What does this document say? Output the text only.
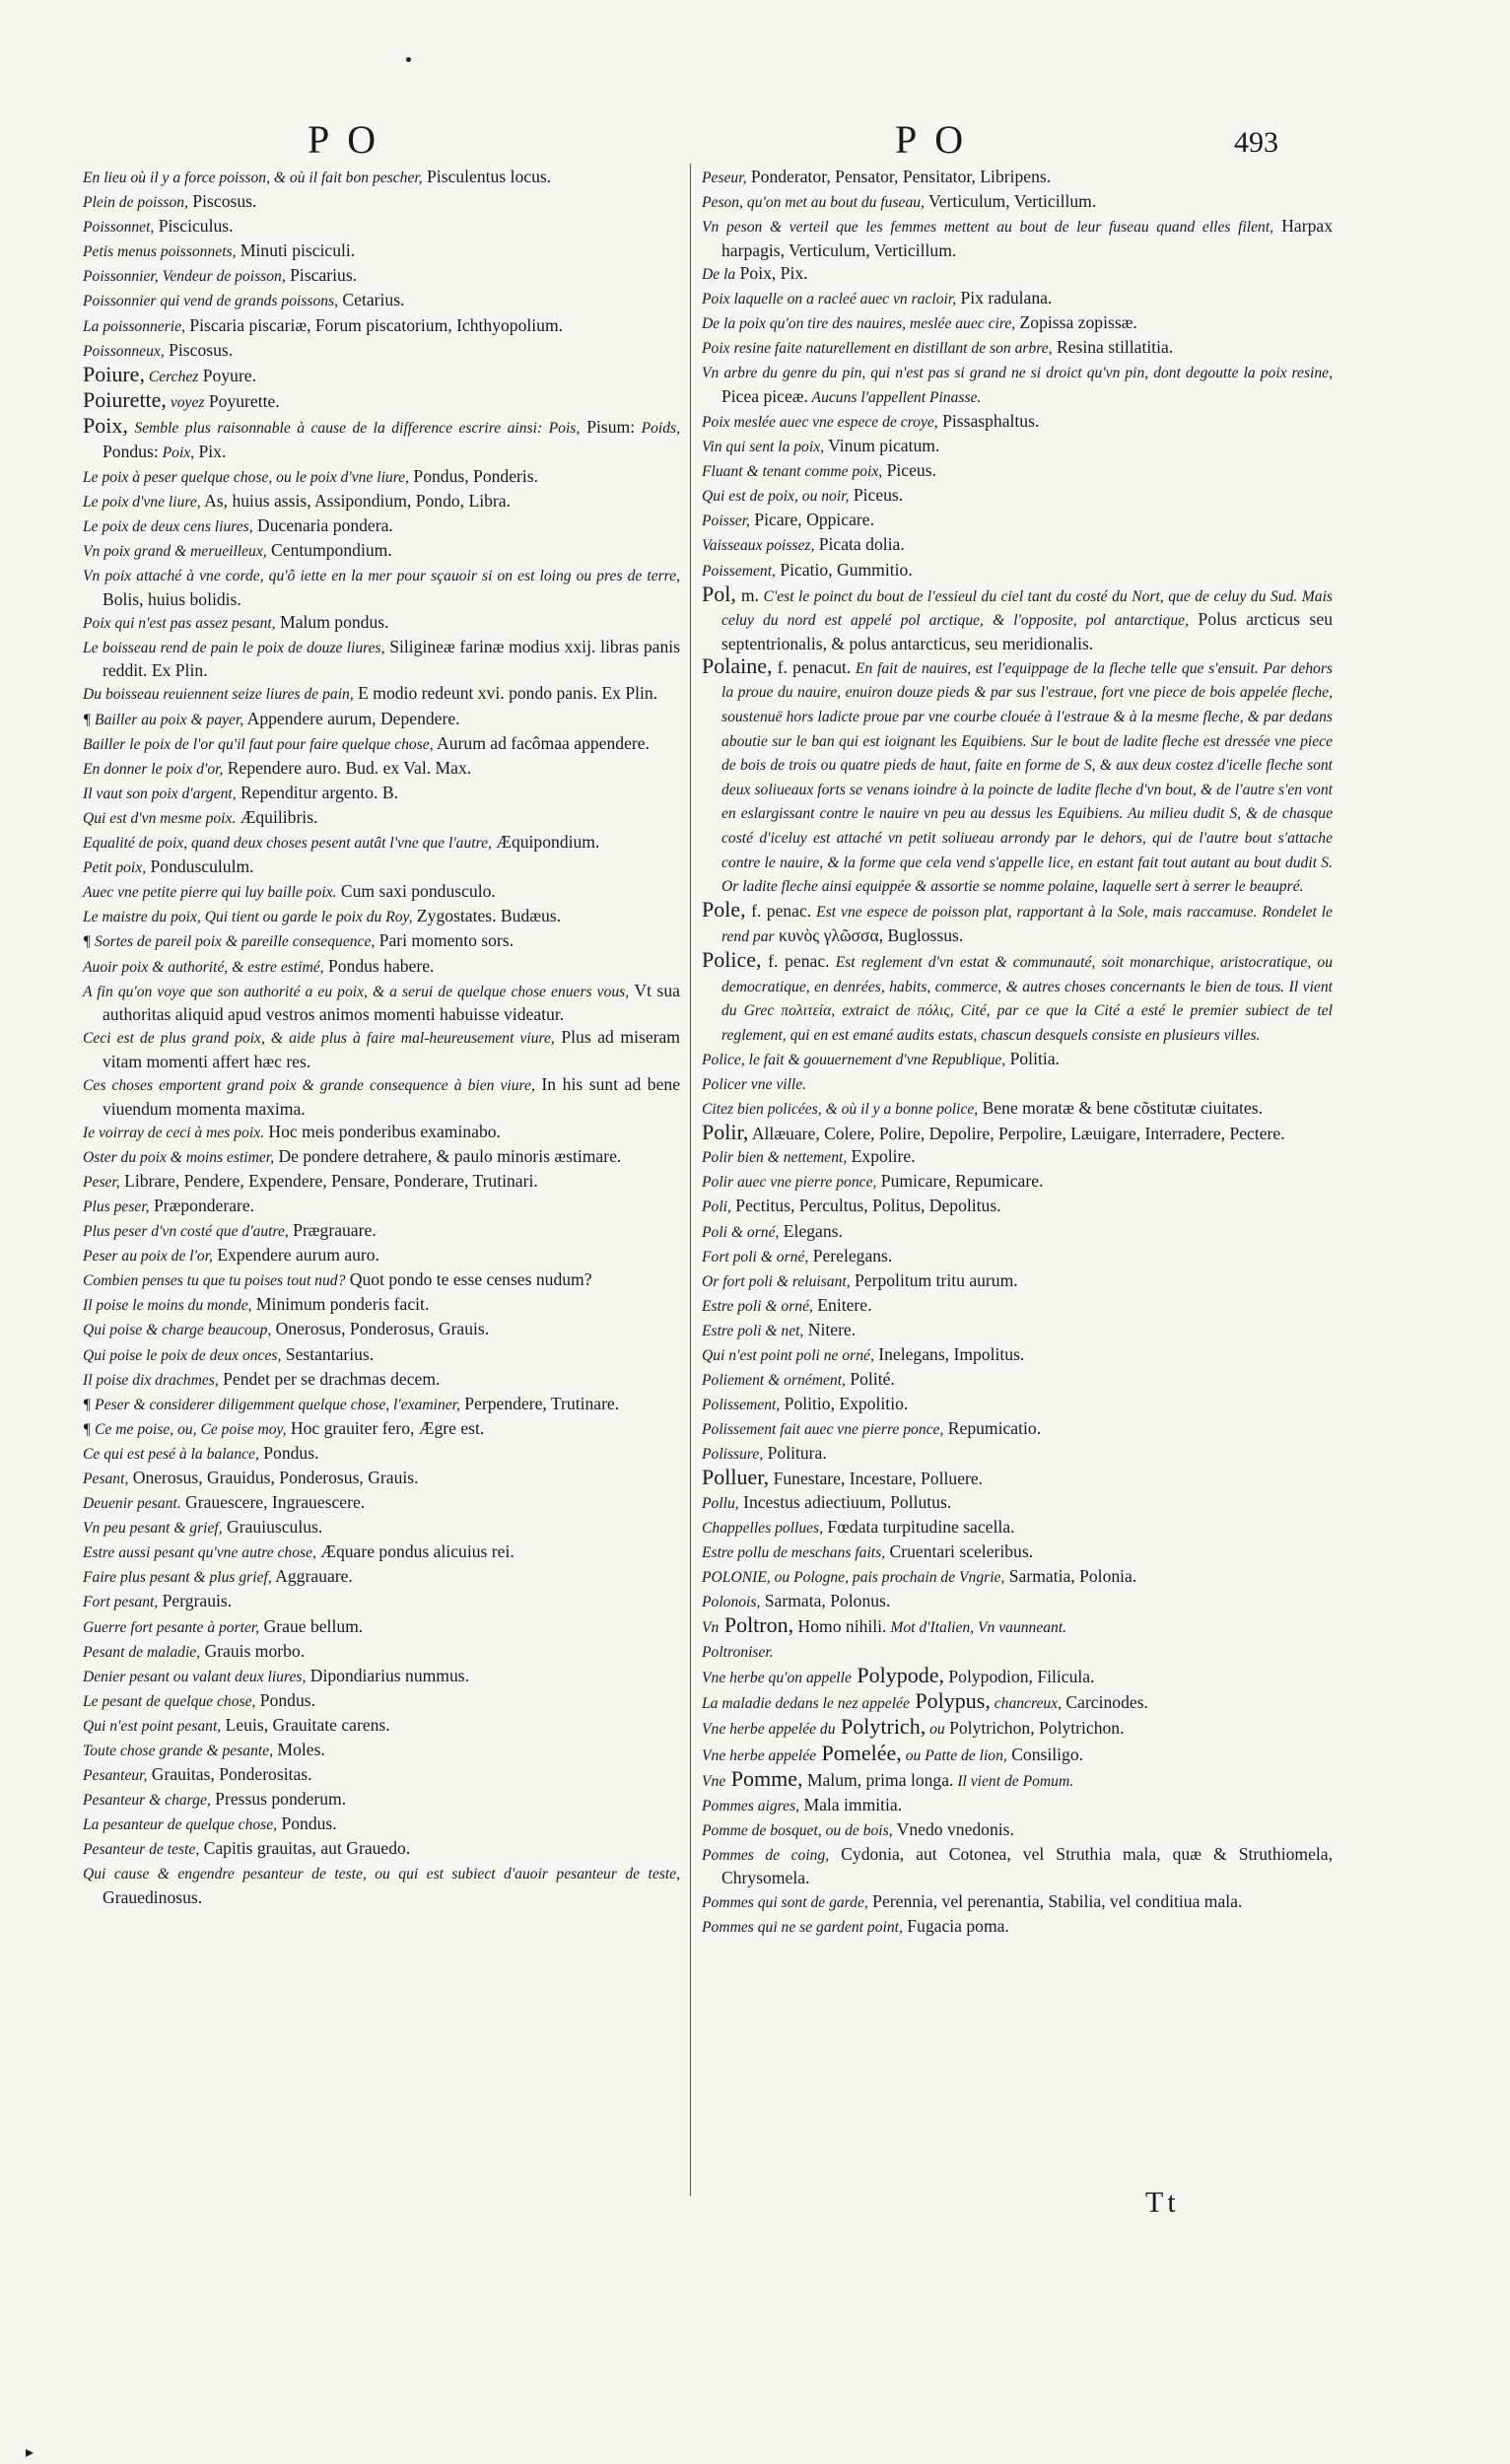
PO	PO	493
En lieu où il y a force poisson, & où il fait bon pescher, Pisculentus locus.
Plein de poisson, Piscosus.
Poissonnet, Pisciculus.
Petis menus poissonnets, Minuti pisciculi.
Poissonnier, Vendeur de poisson, Piscarius.
Poissonnier qui vend de grands poissons, Cetarius.
La poissonnerie, Piscaria piscariæ, Forum piscatorium, Ichthyopolium.
Poissonneux, Piscosus.
Poiure, Cerchez Poyure.
Poiurette, voyez Poyurette.
Poix, Semble plus raisonnable à cause de la difference escrire ainsi: Pois, Pisum: Poids, Pondus: Poix, Pix.
Le poix à peser quelque chose, ou le poix d'vne liure, Pondus, Ponderis.
Le poix d'vne liure, As, huius assis, Assipondium, Pondo, Libra.
Le poix de deux cens liures, Ducenaria pondera.
Vn poix grand & merueilleux, Centumpondium.
Vn poix attaché à vne corde, qu'ô iette en la mer pour sçauoir si on est loing ou pres de terre, Bolis, huius bolidis.
Poix qui n'est pas assez pesant, Malum pondus.
Le boisseau rend de pain le poix de douze liures, Siligineæ farinæ modius xxij. libras panis reddit. Ex Plin.
Du boisseau reuiennent seize liures de pain, E modio redeunt xvi. pondo panis. Ex Plin.
¶ Bailler au poix & payer, Appendere aurum, Dependere.
Bailler le poix de l'or qu'il faut pour faire quelque chose, Aurum ad facômaa appendere.
En donner le poix d'or, Rependere auro. Bud. ex Val. Max.
Il vaut son poix d'argent, Rependitur argento. B.
Qui est d'vn mesme poix. Æquilibris.
Equalité de poix, quand deux choses pesent autât l'vne que l'autre, Æquipondium.
Petit poix, Ponduscululm.
Auec vne petite pierre qui luy baille poix. Cum saxi pondusculo.
Le maistre du poix, Qui tient ou garde le poix du Roy, Zygostates. Budæus.
¶ Sortes de pareil poix & pareille consequence, Pari momento sors.
Auoir poix & authorité, & estre estimé, Pondus habere.
A fin qu'on voye que son authorité a eu poix, & a serui de quelque chose enuers vous, Vt sua authoritas aliquid apud vestros animos momenti habuisse videatur.
Ceci est de plus grand poix, & aide plus à faire mal-heureusement viure, Plus ad miseram vitam momenti affert hæc res.
Ces choses emportent grand poix & grande consequence à bien viure, In his sunt ad bene viuendum momenta maxima.
Ie voirray de ceci à mes poix. Hoc meis ponderibus examinabo.
Oster du poix & moins estimer, De pondere detrahere, & paulo minoris æstimare.
Peser, Librare, Pendere, Expendere, Pensare, Ponderare, Trutinari.
Plus peser, Præponderare.
Plus peser d'vn costé que d'autre, Prægrauare.
Peser au poix de l'or, Expendere aurum auro.
Combien penses tu que tu poises tout nud? Quot pondo te esse censes nudum?
Il poise le moins du monde, Minimum ponderis facit.
Qui poise & charge beaucoup, Onerosus, Ponderosus, Grauis.
Qui poise le poix de deux onces, Sestantarius.
Il poise dix drachmes, Pendet per se drachmas decem.
¶ Peser & considerer diligemment quelque chose, l'examiner, Perpendere, Trutinare.
¶ Ce me poise, ou, Ce poise moy, Hoc grauiter fero, Ægre est.
Ce qui est pesé à la balance, Pondus.
Pesant, Onerosus, Grauidus, Ponderosus, Grauis.
Deuenir pesant. Grauescere, Ingrauescere.
Vn peu pesant & grief, Grauiusculus.
Estre aussi pesant qu'vne autre chose, Æquare pondus alicuius rei.
Faire plus pesant & plus grief, Aggrauare.
Fort pesant, Pergrauis.
Guerre fort pesante à porter, Graue bellum.
Pesant de maladie, Grauis morbo.
Denier pesant ou valant deux liures, Dipondiarius nummus.
Le pesant de quelque chose, Pondus.
Qui n'est point pesant, Leuis, Grauitate carens.
Toute chose grande & pesante, Moles.
Pesanteur, Grauitas, Ponderositas.
Pesanteur & charge, Pressus ponderum.
La pesanteur de quelque chose, Pondus.
Pesanteur de teste, Capitis grauitas, aut Grauedo.
Qui cause & engendre pesanteur de teste, ou qui est subiect d'auoir pesanteur de teste, Grauedinosus.
Peseur, Ponderator, Pensator, Pensitator, Libripens.
Peson, qu'on met au bout du fuseau, Verticulum, Verticillum.
Vn peson & verteil que les femmes mettent au bout de leur fuseau quand elles filent, Harpax harpagis, Verticulum, Verticillum.
De la Poix, Pix.
Poix laquelle on a racleé auec vn racloir, Pix radulana.
De la poix qu'on tire des nauires, meslée auec cire, Zopissa zopissæ.
Poix resine faite naturellement en distillant de son arbre, Resina stillatitia.
Vn arbre du genre du pin, qui n'est pas si grand ne si droict qu'vn pin, dont degoutte la poix resine, Picea piceæ. Aucuns l'appellent Pinasse.
Poix meslée auec vne espece de croye, Pissasphaltus.
Vin qui sent la poix, Vinum picatum.
Fluant & tenant comme poix, Piceus.
Qui est de poix, ou noir, Piceus.
Poisser, Picare, Oppicare.
Vaisseaux poissez, Picata dolia.
Poissement, Picatio, Gummitio.
Pol, m. C'est le poinct du bout de l'essieul du ciel tant du costé du Nort, que de celuy du Sud. Mais celuy du nord est appelé pol arctique, & l'opposite, pol antarctique, Polus arcticus seu septentrionalis, & polus antarcticus, seu meridionalis.
Polaine, f. penacut. En fait de nauires, est l'equippage de la fleche telle que s'ensuit. Par dehors la proue du nauire, enuiron douze pieds & par sus l'estraue, fort vne piece de bois appelée fleche, soustenuë hors ladicte proue par vne courbe clouée à l'estraue & à la mesme fleche, & par dedans aboutie sur le ban qui est ioignant les Equibiens. Sur le bout de ladite fleche est dressée vne piece de bois de trois ou quatre pieds de haut, faite en forme de S, & aux deux costez d'icelle fleche sont deux soliueaux forts se venans ioindre à la poincte de ladite fleche d'vn bout, & de l'autre s'en vont en eslargissant contre le nauire vn peu au dessus les Equibiens. Au milieu dudit S, & de chasque costé d'iceluy est attaché vn petit soliueau arrondy par le dehors, qui de l'autre bout s'attache contre le nauire, & la forme que cela vend s'appelle lice, en estant fait tout autant au bout dudit S. Or ladite fleche ainsi equippée & assortie se nomme polaine, laquelle sert à serrer le beaupré.
Pole, f. penac. Est vne espece de poisson plat, rapportant à la Sole, mais raccamuse. Rondelet le rend par κυνὸς γλῶσσα, Buglossus.
Police, f. penac. Est reglement d'vn estat & communauté, soit monarchique, aristocratique, ou democratique, en denrées, habits, commerce, & autres choses concernants le bien de tous. Il vient du Grec πολιτεία, extraict de πόλις, Cité, par ce que la Cité a esté le premier subiect de tel reglement, qui en est emané audits estats, chascun desquels consiste en plusieurs villes.
Police, le fait & gouuernement d'vne Republique, Politia.
Policer vne ville.
Citez bien policées, & où il y a bonne police, Bene moratæ & bene cõstitutæ ciuitates.
Polir, Allæuare, Colere, Polire, Depolire, Perpolire, Læuigare, Interradere, Pectere.
Polir bien & nettement, Expolire.
Polir auec vne pierre ponce, Pumicare, Repumicare.
Poli, Pectitus, Percultus, Politus, Depolitus.
Poli & orné, Elegans.
Fort poli & orné, Perelegans.
Or fort poli & reluisant, Perpolitum tritu aurum.
Estre poli & orné, Enitere.
Estre poli & net, Nitere.
Qui n'est point poli ne orné, Inelegans, Impolitus.
Poliement & ornément, Polité.
Polissement, Politio, Expolitio.
Polissement fait auec vne pierre ponce, Repumicatio.
Polissure, Politura.
Polluer, Funestare, Incestare, Polluere.
Pollu, Incestus adiectiuum, Pollutus.
Chappelles pollues, Fœdata turpitudine sacella.
Estre pollu de meschans faits, Cruentari sceleribus.
POLONIE, ou Pologne, pais prochain de Vngrie, Sarmatia, Polonia.
Polonois, Sarmata, Polonus.
Vn Poltron, Homo nihili. Mot d'Italien, Vn vaunneant.
Poltroniser.
Vne herbe qu'on appelle Polypode, Polypodion, Filicula.
La maladie dedans le nez appelée Polypus, chancreux, Carcinodes.
Vne herbe appelée du Polytrich, ou Polytrichon, Polytrichon.
Vne herbe appelée Pomelée, ou Patte de lion, Consiligo.
Vne Pomme, Malum, prima longa. Il vient de Pomum.
Pommes aigres, Mala immitia.
Pomme de bosquet, ou de bois, Vnedo vnedonis.
Pommes de coing, Cydonia, aut Cotonea, vel Struthia mala, quæ & Struthiomela, Chrysomela.
Pommes qui sont de garde, Perennia, vel perenantia, Stabilia, vel conditiua mala.
Pommes qui ne se gardent point, Fugacia poma.
Tt
▸
